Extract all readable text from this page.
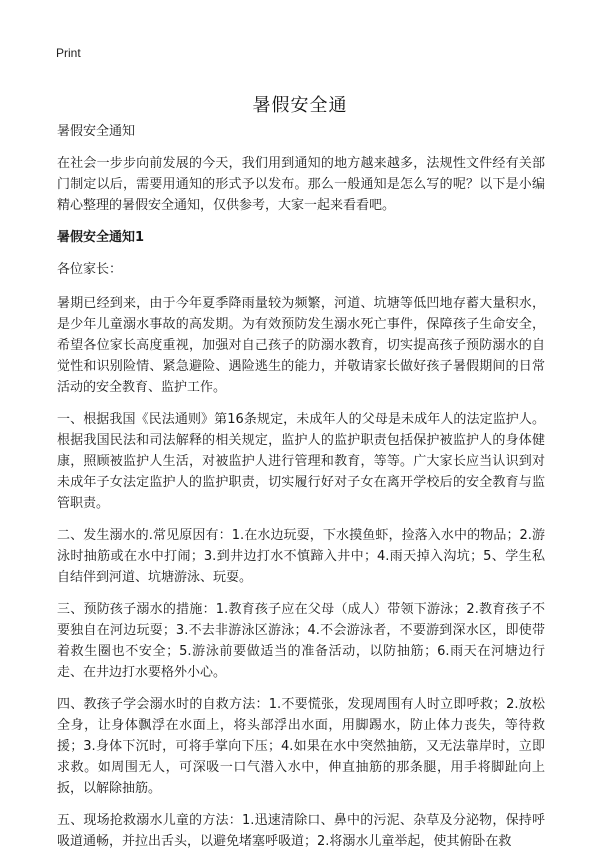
Print
暑假安全通

暑假安全通知

在社会一步步向前发展的今天，我们用到通知的地方越来越多，法规性文件经有关部门制定以后，需要用通知的形式予以发布。那么一般通知是怎么写的呢？以下是小编精心整理的暑假安全通知，仅供参考，大家一起来看看吧。

暑假安全通知1

各位家长：

暑期已经到来，由于今年夏季降雨量较为频繁，河道、坑塘等低凹地存蓄大量积水，是少年儿童溺水事故的高发期。为有效预防发生溺水死亡事件，保障孩子生命安全，希望各位家长高度重视，加强对自己孩子的防溺水教育，切实提高孩子预防溺水的自觉性和识别险情、紧急避险、遇险逃生的能力，并敬请家长做好孩子暑假期间的日常活动的安全教育、监护工作。

一、根据我国《民法通则》第16条规定，未成年人的父母是未成年人的法定监护人。根据我国民法和司法解释的相关规定，监护人的监护职责包括保护被监护人的身体健康，照顾被监护人生活，对被监护人进行管理和教育，等等。广大家长应当认识到对未成年子女法定监护人的监护职责，切实履行好对子女在离开学校后的安全教育与监管职责。

二、发生溺水的.常见原因有：1.在水边玩耍，下水摸鱼虾，捡落入水中的物品；2.游泳时抽筋或在水中打闹；3.到井边打水不慎蹄入井中；4.雨天掉入沟坑；5、学生私自结伴到河道、坑塘游泳、玩耍。

三、预防孩子溺水的措施：1.教育孩子应在父母（成人）带领下游泳；2.教育孩子不要独自在河边玩耍；3.不去非游泳区游泳；4.不会游泳者，不要游到深水区，即使带着救生圈也不安全；5.游泳前要做适当的准备活动，以防抽筋；6.雨天在河塘边行走、在井边打水要格外小心。

四、教孩子学会溺水时的自救方法：1.不要慌张，发现周围有人时立即呼救；2.放松全身，让身体飘浮在水面上，将头部浮出水面，用脚踢水，防止体力丧失，等待救援；3.身体下沉时，可将手掌向下压；4.如果在水中突然抽筋，又无法靠岸时，立即求救。如周围无人，可深吸一口气潜入水中，伸直抽筋的那条腿，用手将脚趾向上扳，以解除抽筋。

五、现场抢救溺水儿童的方法：1.迅速清除口、鼻中的污泥、杂草及分泌物，保持呼吸道通畅，并拉出舌头，以避免堵塞呼吸道；2.将溺水儿童举起，使其俯卧在救
